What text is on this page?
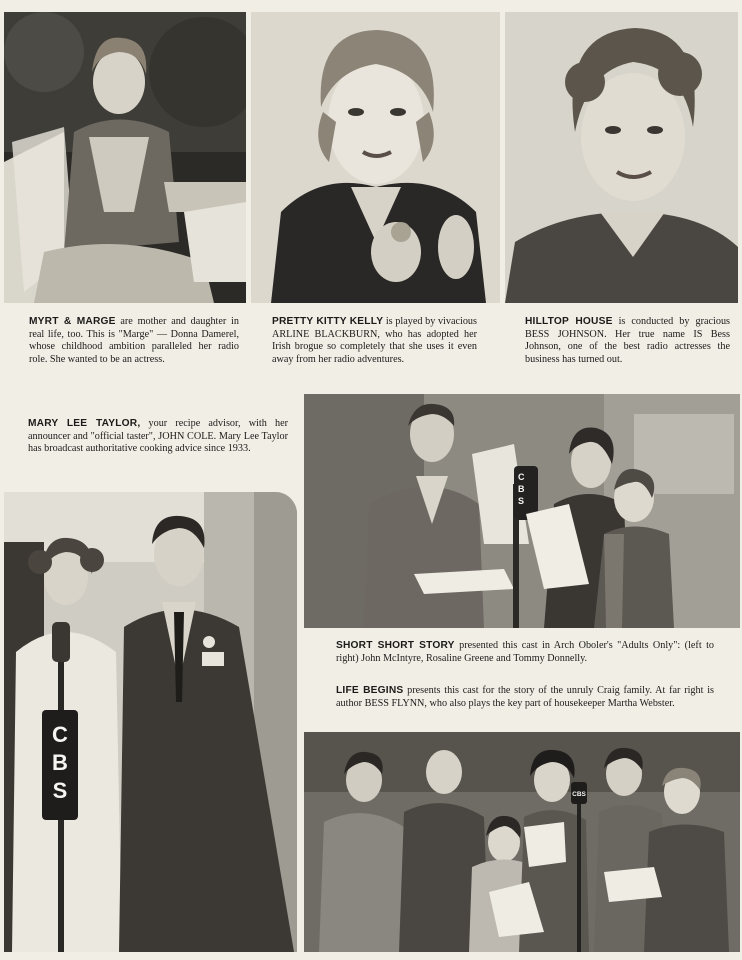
MYRT & MARGE are mother and daughter in real life, too. This is "Marge" — Donna Damerel, whose childhood ambition paralleled her radio role. She wanted to be an actress.
PRETTY KITTY KELLY is played by vivacious ARLINE BLACKBURN, who has adopted her Irish brogue so completely that she uses it even away from her radio adventures.
HILLTOP HOUSE is conducted by gracious BESS JOHNSON. Her true name IS Bess Johnson, one of the best radio actresses the business has turned out.
MARY LEE TAYLOR, your recipe advisor, with her announcer and "official taster", JOHN COLE. Mary Lee Taylor has broadcast authoritative cooking advice since 1933.
C
B
S
SHORT SHORT STORY presented this cast in Arch Oboler's "Adults Only": (left to right) John McIntyre, Rosaline Greene and Tommy Donnelly.
LIFE BEGINS presents this cast for the story of the unruly Craig family. At far right is author BESS FLYNN, who also plays the key part of housekeeper Martha Webster.
C
B
S	CBS
